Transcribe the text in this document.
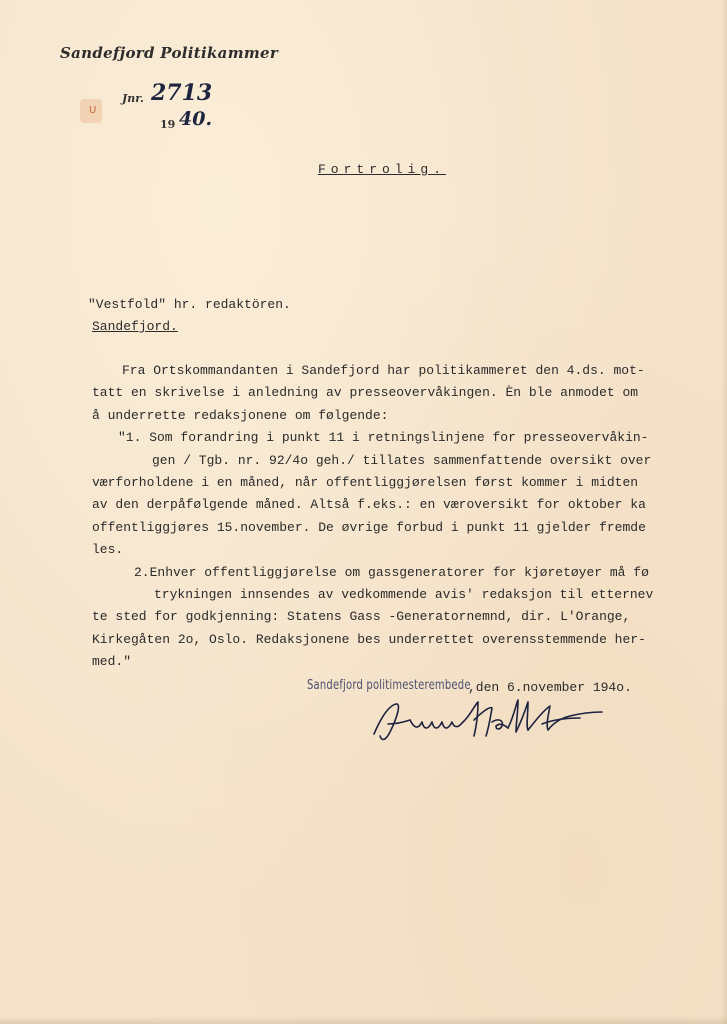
Sandefjord Politikammer
U
Jnr. 2713
19 40.
Fortrolig.
"Vestfold" hr. redaktören.
Sandefjord.
Fra Ortskommandanten i Sandefjord har politikammeret den 4.ds. mot-
tatt en skrivelse i anledning av presseovervåkingen. Èn ble anmodet om
å underrette redaksjonene om følgende:
"1. Som forandring i punkt 11 i retningslinjene for presseovervåkin-
gen / Tgb. nr. 92/4o geh./ tillates sammenfattende oversikt over
værforholdene i en måned, når offentliggjørelsen først kommer i midten
av den derpåfølgende måned. Altså f.eks.: en væroversikt for oktober ka
offentliggjøres 15.november. De øvrige forbud i punkt 11 gjelder fremde
les.
2.Enhver offentliggjørelse om gassgeneratorer for kjøretøyer må fø
trykningen innsendes av vedkommende avis' redaksjon til etternev
te sted for godkjenning: Statens Gass -Generatornemnd, dir. L'Orange,
Kirkegåten 2o, Oslo. Redaksjonene bes underrettet overensstemmende her-
med."
Sandefjord politimesterembede
,den 6.november 194o.
